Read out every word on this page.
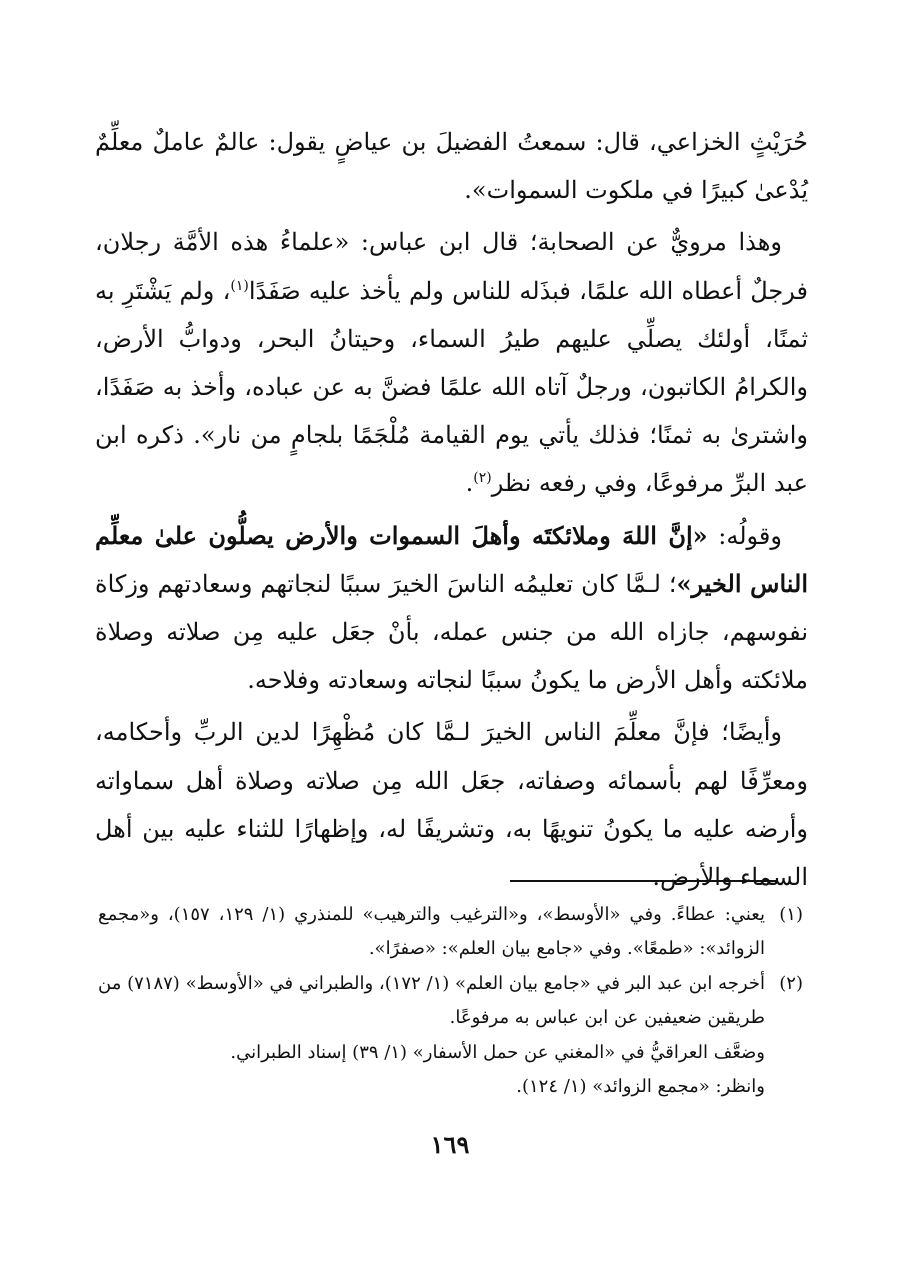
حُرَيْثٍ الخزاعي، قال: سمعتُ الفضيلَ بن عياضٍ يقول: عالمٌ عاملٌ معلِّمٌ يُدْعىٰ كبيرًا في ملكوت السموات».

وهذا مرويٌّ عن الصحابة؛ قال ابن عباس: «علماءُ هذه الأمَّة رجلان، فرجلٌ أعطاه الله علمًا، فبذَله للناس ولم يأخذ عليه صَفَدًا$^{(١)}$، ولم يَشْتَرِ به ثمنًا، أولئك يصلِّي عليهم طيرُ السماء، وحيتانُ البحر، ودوابُّ الأرض، والكرامُ الكاتبون، ورجلٌ آتاه الله علمًا فضنَّ به عن عباده، وأخذ به صَفَدًا، واشترىٰ به ثمنًا؛ فذلك يأتي يوم القيامة مُلْجَمًا بلجامٍ من نار». ذكره ابن عبد البرِّ مرفوعًا، وفي رفعه نظر$^{(٢)}$.

وقولُه: «إنَّ اللهَ وملائكتَه وأهلَ السموات والأرض يصلُّون علىٰ معلِّم الناس الخير»؛ لـمَّا كان تعليمُه الناسَ الخيرَ سببًا لنجاتهم وسعادتهم وزكاة نفوسهم، جازاه الله من جنس عمله، بأنْ جعَل عليه مِن صلاته وصلاة ملائكته وأهل الأرض ما يكونُ سببًا لنجاته وسعادته وفلاحه.

وأيضًا؛ فإنَّ معلِّمَ الناس الخيرَ لـمَّا كان مُظْهِرًا لدين الربِّ وأحكامه، ومعرِّفًا لهم بأسمائه وصفاته، جعَل الله مِن صلاته وصلاة أهل سماواته وأرضه عليه ما يكونُ تنويهًا به، وتشريفًا له، وإظهارًا للثناء عليه بين أهل السماء والأرض.

(١)

يعني: عطاءً. وفي «الأوسط»، و«الترغيب والترهيب» للمنذري (١/ ١٢٩، ١٥٧)، و«مجمع الزوائد»: «طمعًا». وفي «جامع بيان العلم»: «صفرًا».

(٢)

أخرجه ابن عبد البر في «جامع بيان العلم» (١/ ١٧٢)، والطبراني في «الأوسط» (٧١٨٧) من طريقين ضعيفين عن ابن عباس به مرفوعًا.

وضعَّف العراقيُّ في «المغني عن حمل الأسفار» (١/ ٣٩) إسناد الطبراني.

وانظر: «مجمع الزوائد» (١/ ١٢٤).

١٦٩
